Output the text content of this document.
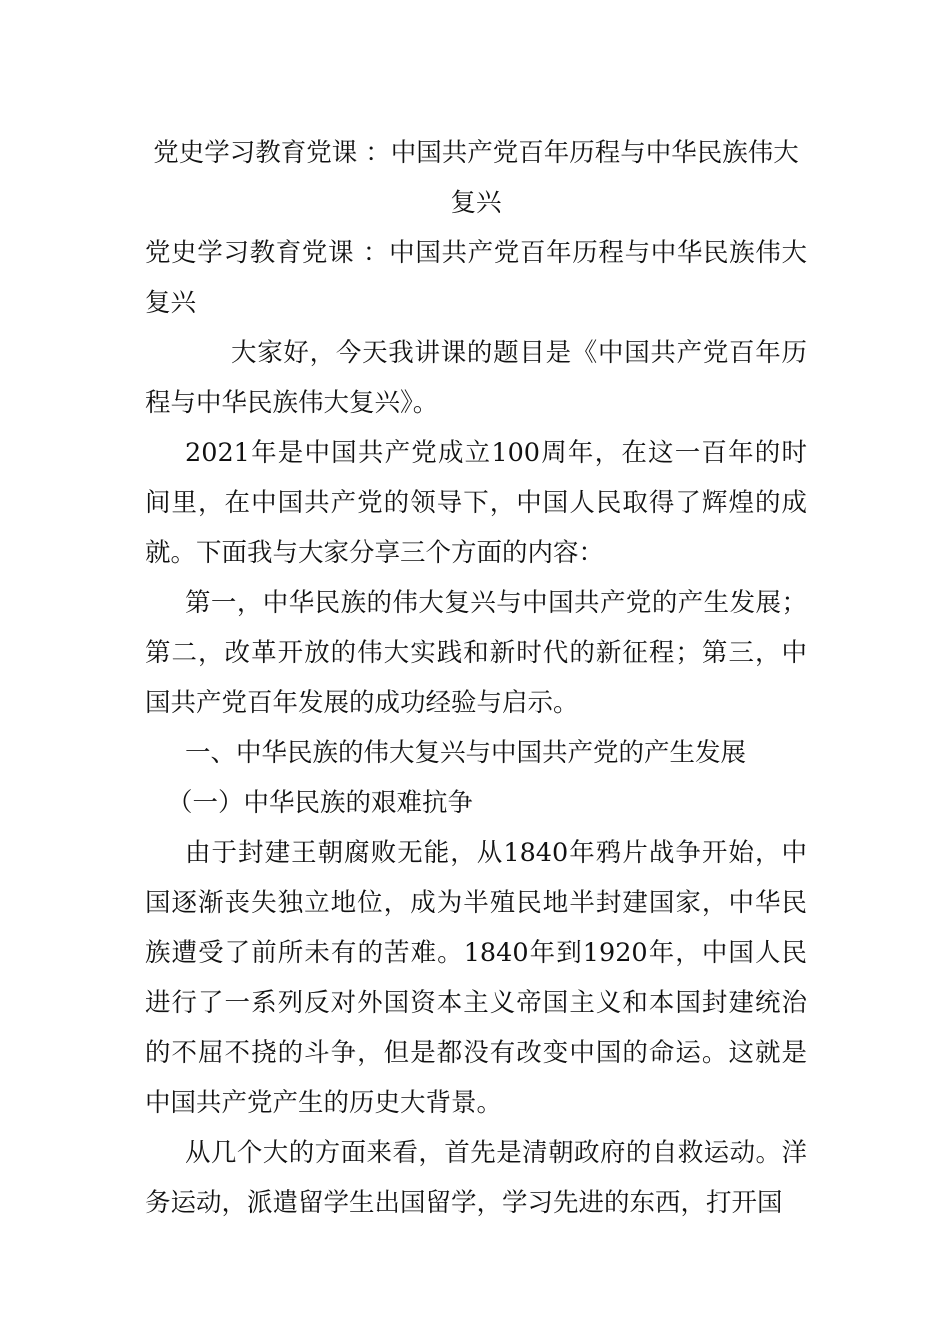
党史学习教育党课 ：中国共产党百年历程与中华民族伟大复兴

党史学习教育党课 ：中国共产党百年历程与中华民族伟大复兴

大家好，今天我讲课的题目是《中国共产党百年历程与中华民族伟大复兴》。

2021年是中国共产党成立100周年，在这一百年的时间里，在中国共产党的领导下，中国人民取得了辉煌的成就。下面我与大家分享三个方面的内容：

第一，中华民族的伟大复兴与中国共产党的产生发展；第二，改革开放的伟大实践和新时代的新征程；第三，中国共产党百年发展的成功经验与启示。

一、中华民族的伟大复兴与中国共产党的产生发展

（一）中华民族的艰难抗争

由于封建王朝腐败无能，从1840年鸦片战争开始，中国逐渐丧失独立地位，成为半殖民地半封建国家，中华民族遭受了前所未有的苦难。1840年到1920年，中国人民进行了一系列反对外国资本主义帝国主义和本国封建统治的不屈不挠的斗争，但是都没有改变中国的命运。这就是中国共产党产生的历史大背景。

从几个大的方面来看，首先是清朝政府的自救运动。洋务运动，派遣留学生出国留学，学习先进的东西，打开国
